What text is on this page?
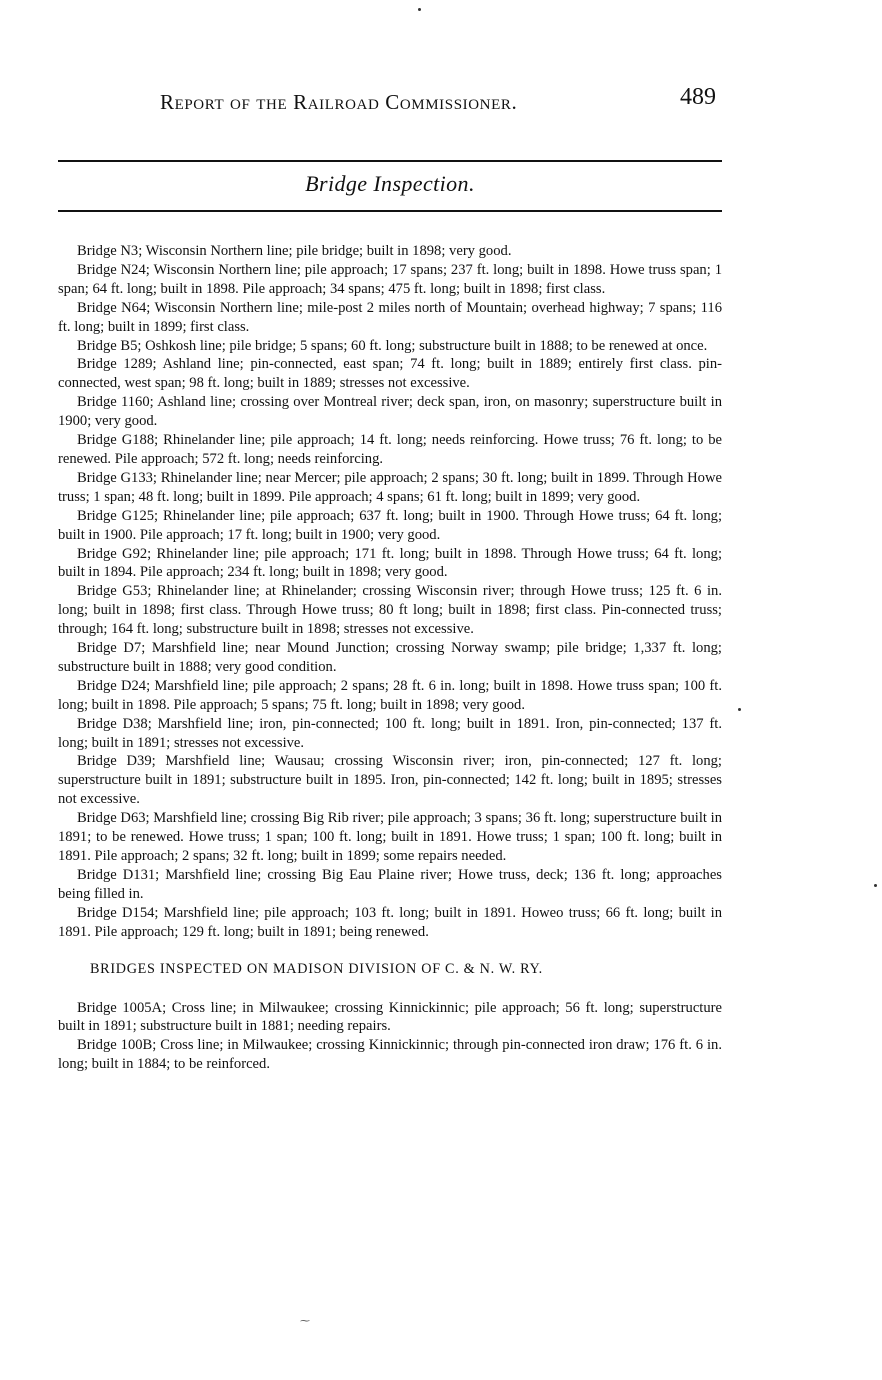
Report of the Railroad Commissioner.	489
Bridge Inspection.

Bridge N3; Wisconsin Northern line; pile bridge; built in 1898; very good.

Bridge N24; Wisconsin Northern line; pile approach; 17 spans; 237 ft. long; built in 1898. Howe truss span; 1 span; 64 ft. long; built in 1898. Pile approach; 34 spans; 475 ft. long; built in 1898; first class.

Bridge N64; Wisconsin Northern line; mile-post 2 miles north of Mountain; overhead highway; 7 spans; 116 ft. long; built in 1899; first class.

Bridge B5; Oshkosh line; pile bridge; 5 spans; 60 ft. long; substructure built in 1888; to be renewed at once.

Bridge 1289; Ashland line; pin-connected, east span; 74 ft. long; built in 1889; entirely first class. pin-connected, west span; 98 ft. long; built in 1889; stresses not excessive.

Bridge 1160; Ashland line; crossing over Montreal river; deck span, iron, on masonry; superstructure built in 1900; very good.

Bridge G188; Rhinelander line; pile approach; 14 ft. long; needs reinforcing. Howe truss; 76 ft. long; to be renewed. Pile approach; 572 ft. long; needs reinforcing.

Bridge G133; Rhinelander line; near Mercer; pile approach; 2 spans; 30 ft. long; built in 1899. Through Howe truss; 1 span; 48 ft. long; built in 1899. Pile approach; 4 spans; 61 ft. long; built in 1899; very good.

Bridge G125; Rhinelander line; pile approach; 637 ft. long; built in 1900. Through Howe truss; 64 ft. long; built in 1900. Pile approach; 17 ft. long; built in 1900; very good.

Bridge G92; Rhinelander line; pile approach; 171 ft. long; built in 1898. Through Howe truss; 64 ft. long; built in 1894. Pile approach; 234 ft. long; built in 1898; very good.

Bridge G53; Rhinelander line; at Rhinelander; crossing Wisconsin river; through Howe truss; 125 ft. 6 in. long; built in 1898; first class. Through Howe truss; 80 ft long; built in 1898; first class. Pin-connected truss; through; 164 ft. long; substructure built in 1898; stresses not excessive.

Bridge D7; Marshfield line; near Mound Junction; crossing Norway swamp; pile bridge; 1,337 ft. long; substructure built in 1888; very good condition.

Bridge D24; Marshfield line; pile approach; 2 spans; 28 ft. 6 in. long; built in 1898. Howe truss span; 100 ft. long; built in 1898. Pile approach; 5 spans; 75 ft. long; built in 1898; very good.

Bridge D38; Marshfield line; iron, pin-connected; 100 ft. long; built in 1891. Iron, pin-connected; 137 ft. long; built in 1891; stresses not excessive.

Bridge D39; Marshfield line; Wausau; crossing Wisconsin river; iron, pin-connected; 127 ft. long; superstructure built in 1891; substructure built in 1895. Iron, pin-connected; 142 ft. long; built in 1895; stresses not excessive.

Bridge D63; Marshfield line; crossing Big Rib river; pile approach; 3 spans; 36 ft. long; superstructure built in 1891; to be renewed. Howe truss; 1 span; 100 ft. long; built in 1891. Howe truss; 1 span; 100 ft. long; built in 1891. Pile approach; 2 spans; 32 ft. long; built in 1899; some repairs needed.

Bridge D131; Marshfield line; crossing Big Eau Plaine river; Howe truss, deck; 136 ft. long; approaches being filled in.

Bridge D154; Marshfield line; pile approach; 103 ft. long; built in 1891. Howeo truss; 66 ft. long; built in 1891. Pile approach; 129 ft. long; built in 1891; being renewed.

BRIDGES INSPECTED ON MADISON DIVISION OF C. & N. W. RY.

Bridge 1005A; Cross line; in Milwaukee; crossing Kinnickinnic; pile approach; 56 ft. long; superstructure built in 1891; substructure built in 1881; needing repairs.

Bridge 100B; Cross line; in Milwaukee; crossing Kinnickinnic; through pin-connected iron draw; 176 ft. 6 in. long; built in 1884; to be reinforced.

⁓
